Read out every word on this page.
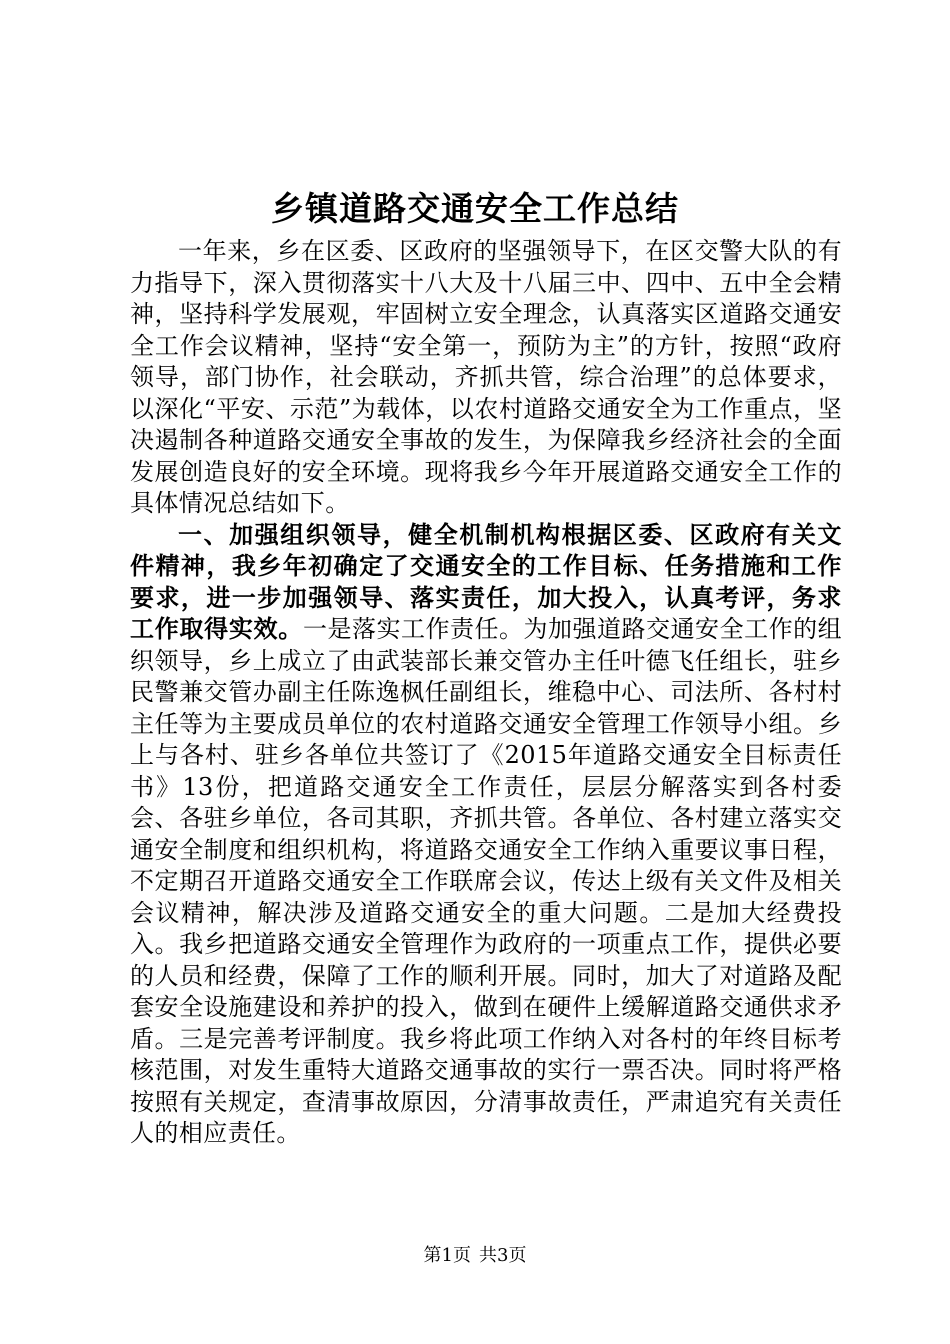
乡镇道路交通安全工作总结

一年来，乡在区委、区政府的坚强领导下，在区交警大队的有力指导下，深入贯彻落实十八大及十八届三中、四中、五中全会精神，坚持科学发展观，牢固树立安全理念，认真落实区道路交通安全工作会议精神，坚持“安全第一，预防为主”的方针，按照“政府领导，部门协作，社会联动，齐抓共管，综合治理”的总体要求，以深化“平安、示范”为载体，以农村道路交通安全为工作重点，坚决遏制各种道路交通安全事故的发生，为保障我乡经济社会的全面发展创造良好的安全环境。现将我乡今年开展道路交通安全工作的具体情况总结如下。

一、加强组织领导，健全机制机构根据区委、区政府有关文件精神，我乡年初确定了交通安全的工作目标、任务措施和工作要求，进一步加强领导、落实责任，加大投入，认真考评，务求工作取得实效。一是落实工作责任。为加强道路交通安全工作的组织领导，乡上成立了由武装部长兼交管办主任叶德飞任组长，驻乡民警兼交管办副主任陈逸枫任副组长，维稳中心、司法所、各村村主任等为主要成员单位的农村道路交通安全管理工作领导小组。乡上与各村、驻乡各单位共签订了《2015年道路交通安全目标责任书》13份，把道路交通安全工作责任，层层分解落实到各村委会、各驻乡单位，各司其职，齐抓共管。各单位、各村建立落实交通安全制度和组织机构，将道路交通安全工作纳入重要议事日程，不定期召开道路交通安全工作联席会议，传达上级有关文件及相关会议精神，解决涉及道路交通安全的重大问题。二是加大经费投入。我乡把道路交通安全管理作为政府的一项重点工作，提供必要的人员和经费，保障了工作的顺利开展。同时，加大了对道路及配套安全设施建设和养护的投入，做到在硬件上缓解道路交通供求矛盾。三是完善考评制度。我乡将此项工作纳入对各村的年终目标考核范围，对发生重特大道路交通事故的实行一票否决。同时将严格按照有关规定，查清事故原因，分清事故责任，严肃追究有关责任人的相应责任。

第1页 共3页
